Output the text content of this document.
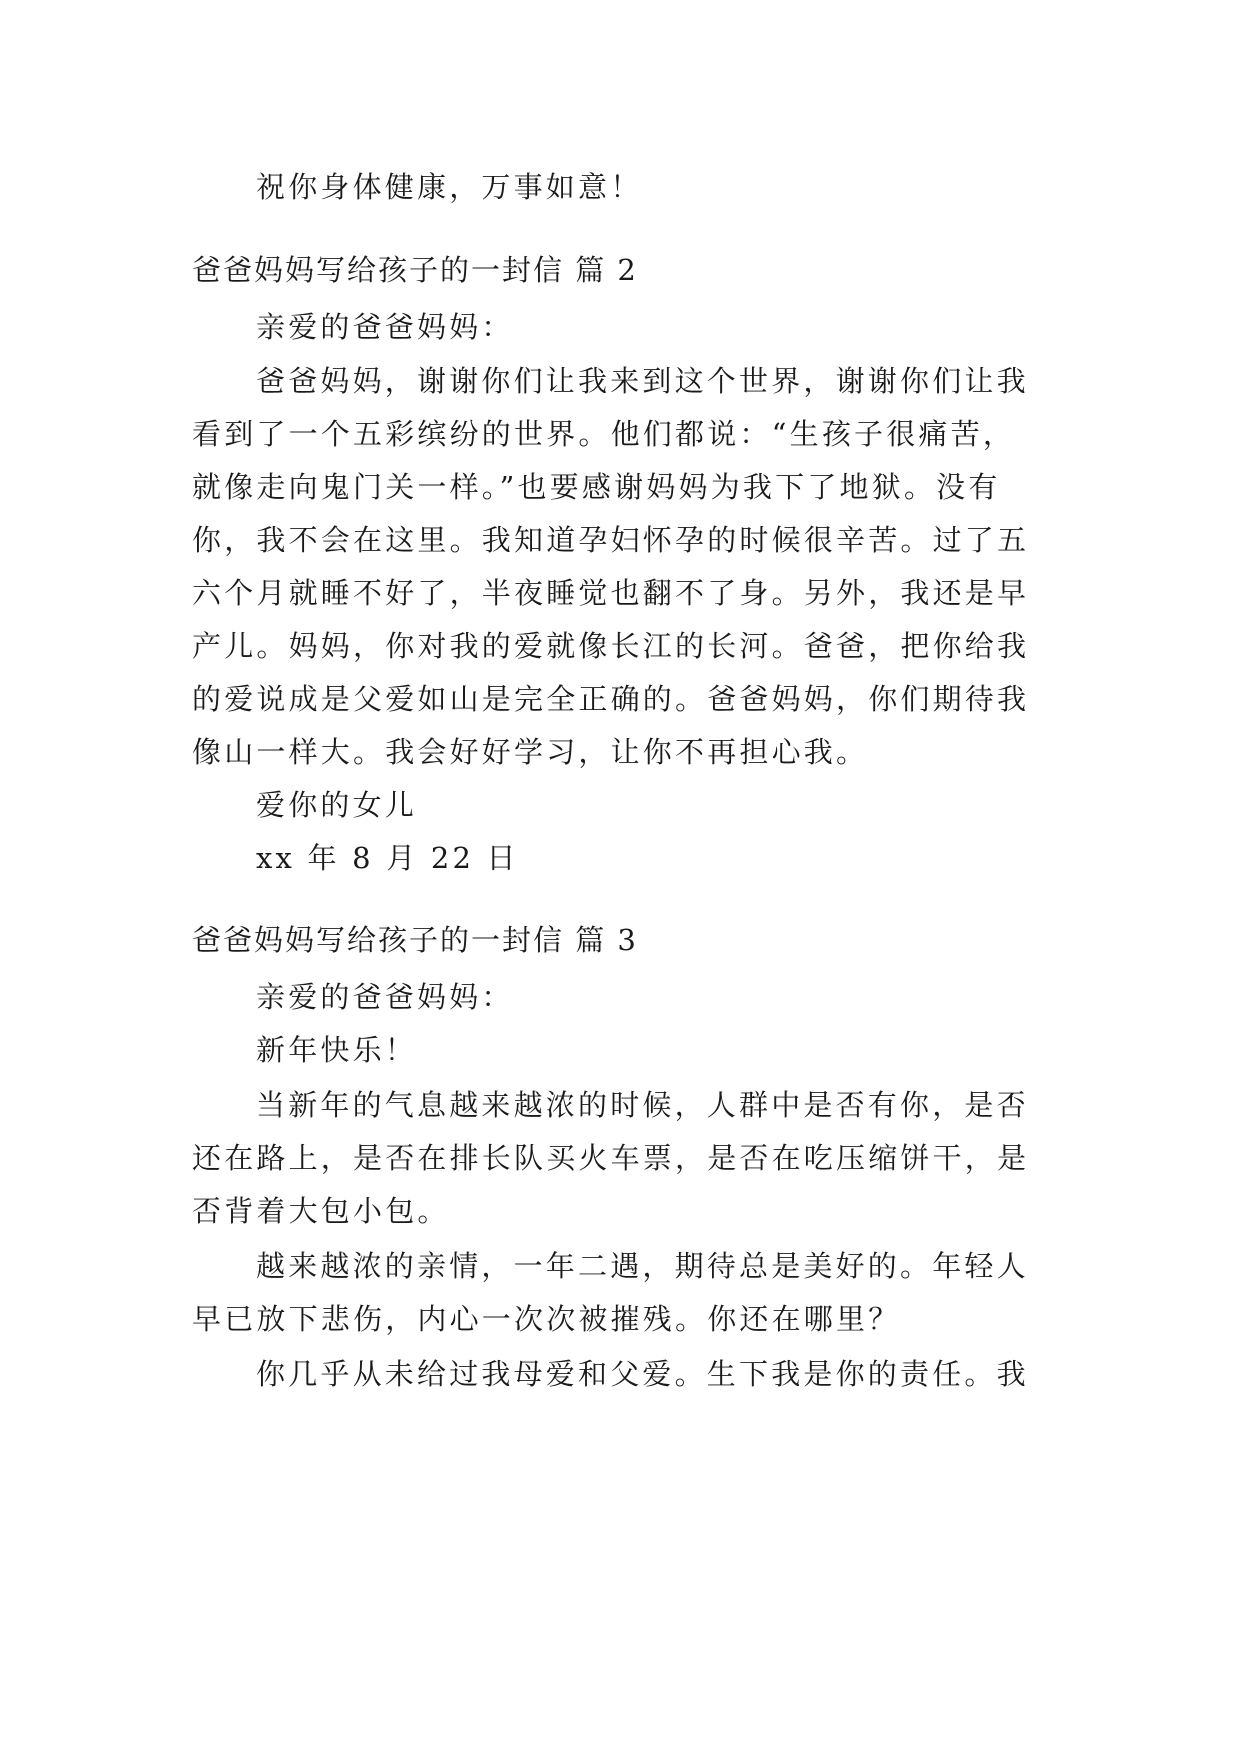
祝你身体健康，万事如意！
爸爸妈妈写给孩子的一封信 篇 2
亲爱的爸爸妈妈：
爸爸妈妈，谢谢你们让我来到这个世界，谢谢你们让我
看到了一个五彩缤纷的世界。他们都说：“生孩子很痛苦，
就像走向鬼门关一样。”也要感谢妈妈为我下了地狱。没有
你，我不会在这里。我知道孕妇怀孕的时候很辛苦。过了五
六个月就睡不好了，半夜睡觉也翻不了身。另外，我还是早
产儿。妈妈，你对我的爱就像长江的长河。爸爸，把你给我
的爱说成是父爱如山是完全正确的。爸爸妈妈，你们期待我
像山一样大。我会好好学习，让你不再担心我。
爱你的女儿
xx 年 8 月 22 日
爸爸妈妈写给孩子的一封信 篇 3
亲爱的爸爸妈妈：
新年快乐！
当新年的气息越来越浓的时候，人群中是否有你，是否
还在路上，是否在排长队买火车票，是否在吃压缩饼干，是
否背着大包小包。
越来越浓的亲情，一年二遇，期待总是美好的。年轻人
早已放下悲伤，内心一次次被摧残。你还在哪里？
你几乎从未给过我母爱和父爱。生下我是你的责任。我
